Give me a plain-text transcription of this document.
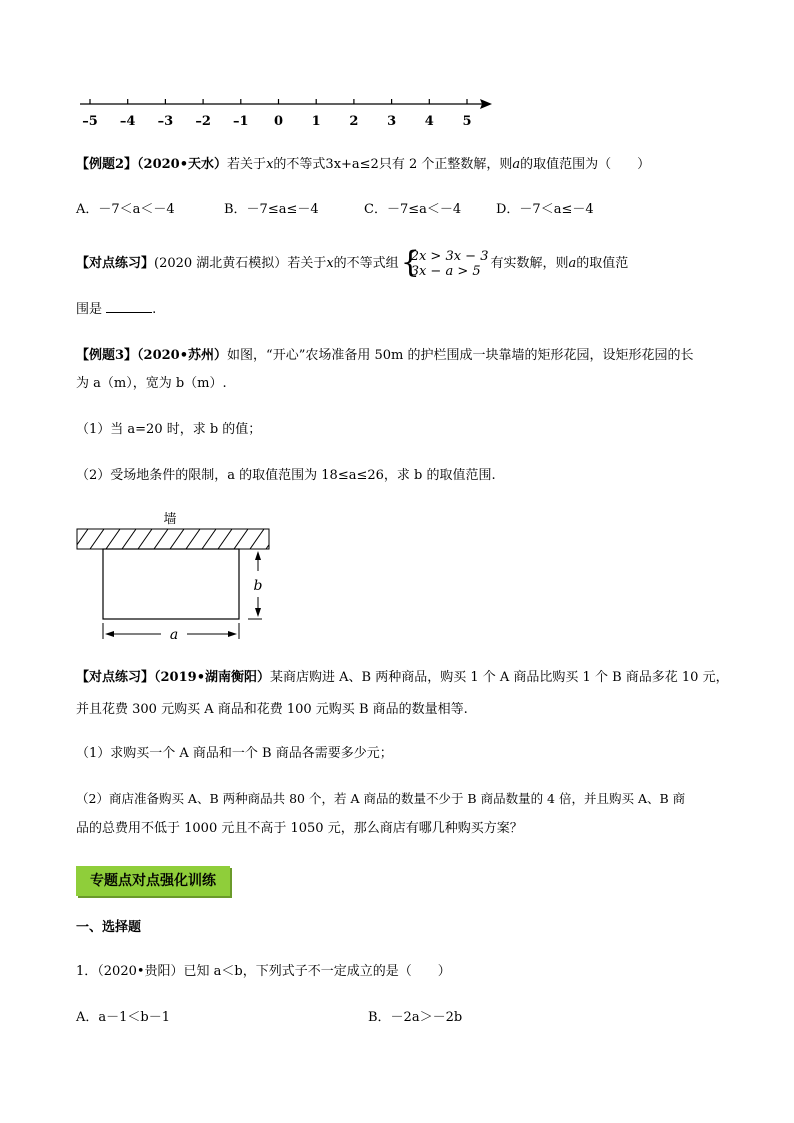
–5	–4	–3	–2	–1	0	1	2	3	4	5
【例题2】（2020•天水）若关于x的不等式3x+a≤2只有 2 个正整数解，则a的取值范围为（　　）
A．－7＜a＜－4	B．－7≤a≤－4	C．－7≤a＜－4	D．－7＜a≤－4
【对点练习】(2020 湖北黄石模拟）若关于x的不等式组 {
2x > 3x − 3
3x − a > 5 有实数解，则a的取值范
围是	.
【例题3】（2020•苏州）如图，“开心”农场准备用 50m 的护栏围成一块靠墙的矩形花园，设矩形花园的长
为 a（m），宽为 b（m）.
（1）当 a=20 时，求 b 的值；
（2）受场地条件的限制，a 的取值范围为 18≤a≤26，求 b 的取值范围.
墙
a
b
【对点练习】（2019•湖南衡阳）某商店购进 A、B 两种商品，购买 1 个 A 商品比购买 1 个 B 商品多花 10 元，
并且花费 300 元购买 A 商品和花费 100 元购买 B 商品的数量相等.
（1）求购买一个 A 商品和一个 B 商品各需要多少元；
（2）商店准备购买 A、B 两种商品共 80 个，若 A 商品的数量不少于 B 商品数量的 4 倍，并且购买 A、B 商
品的总费用不低于 1000 元且不高于 1050 元，那么商店有哪几种购买方案？
专题点对点强化训练
一、选择题
1．（2020•贵阳）已知 a＜b，下列式子不一定成立的是（　　）
A．a－1＜b－1	B．－2a＞－2b
